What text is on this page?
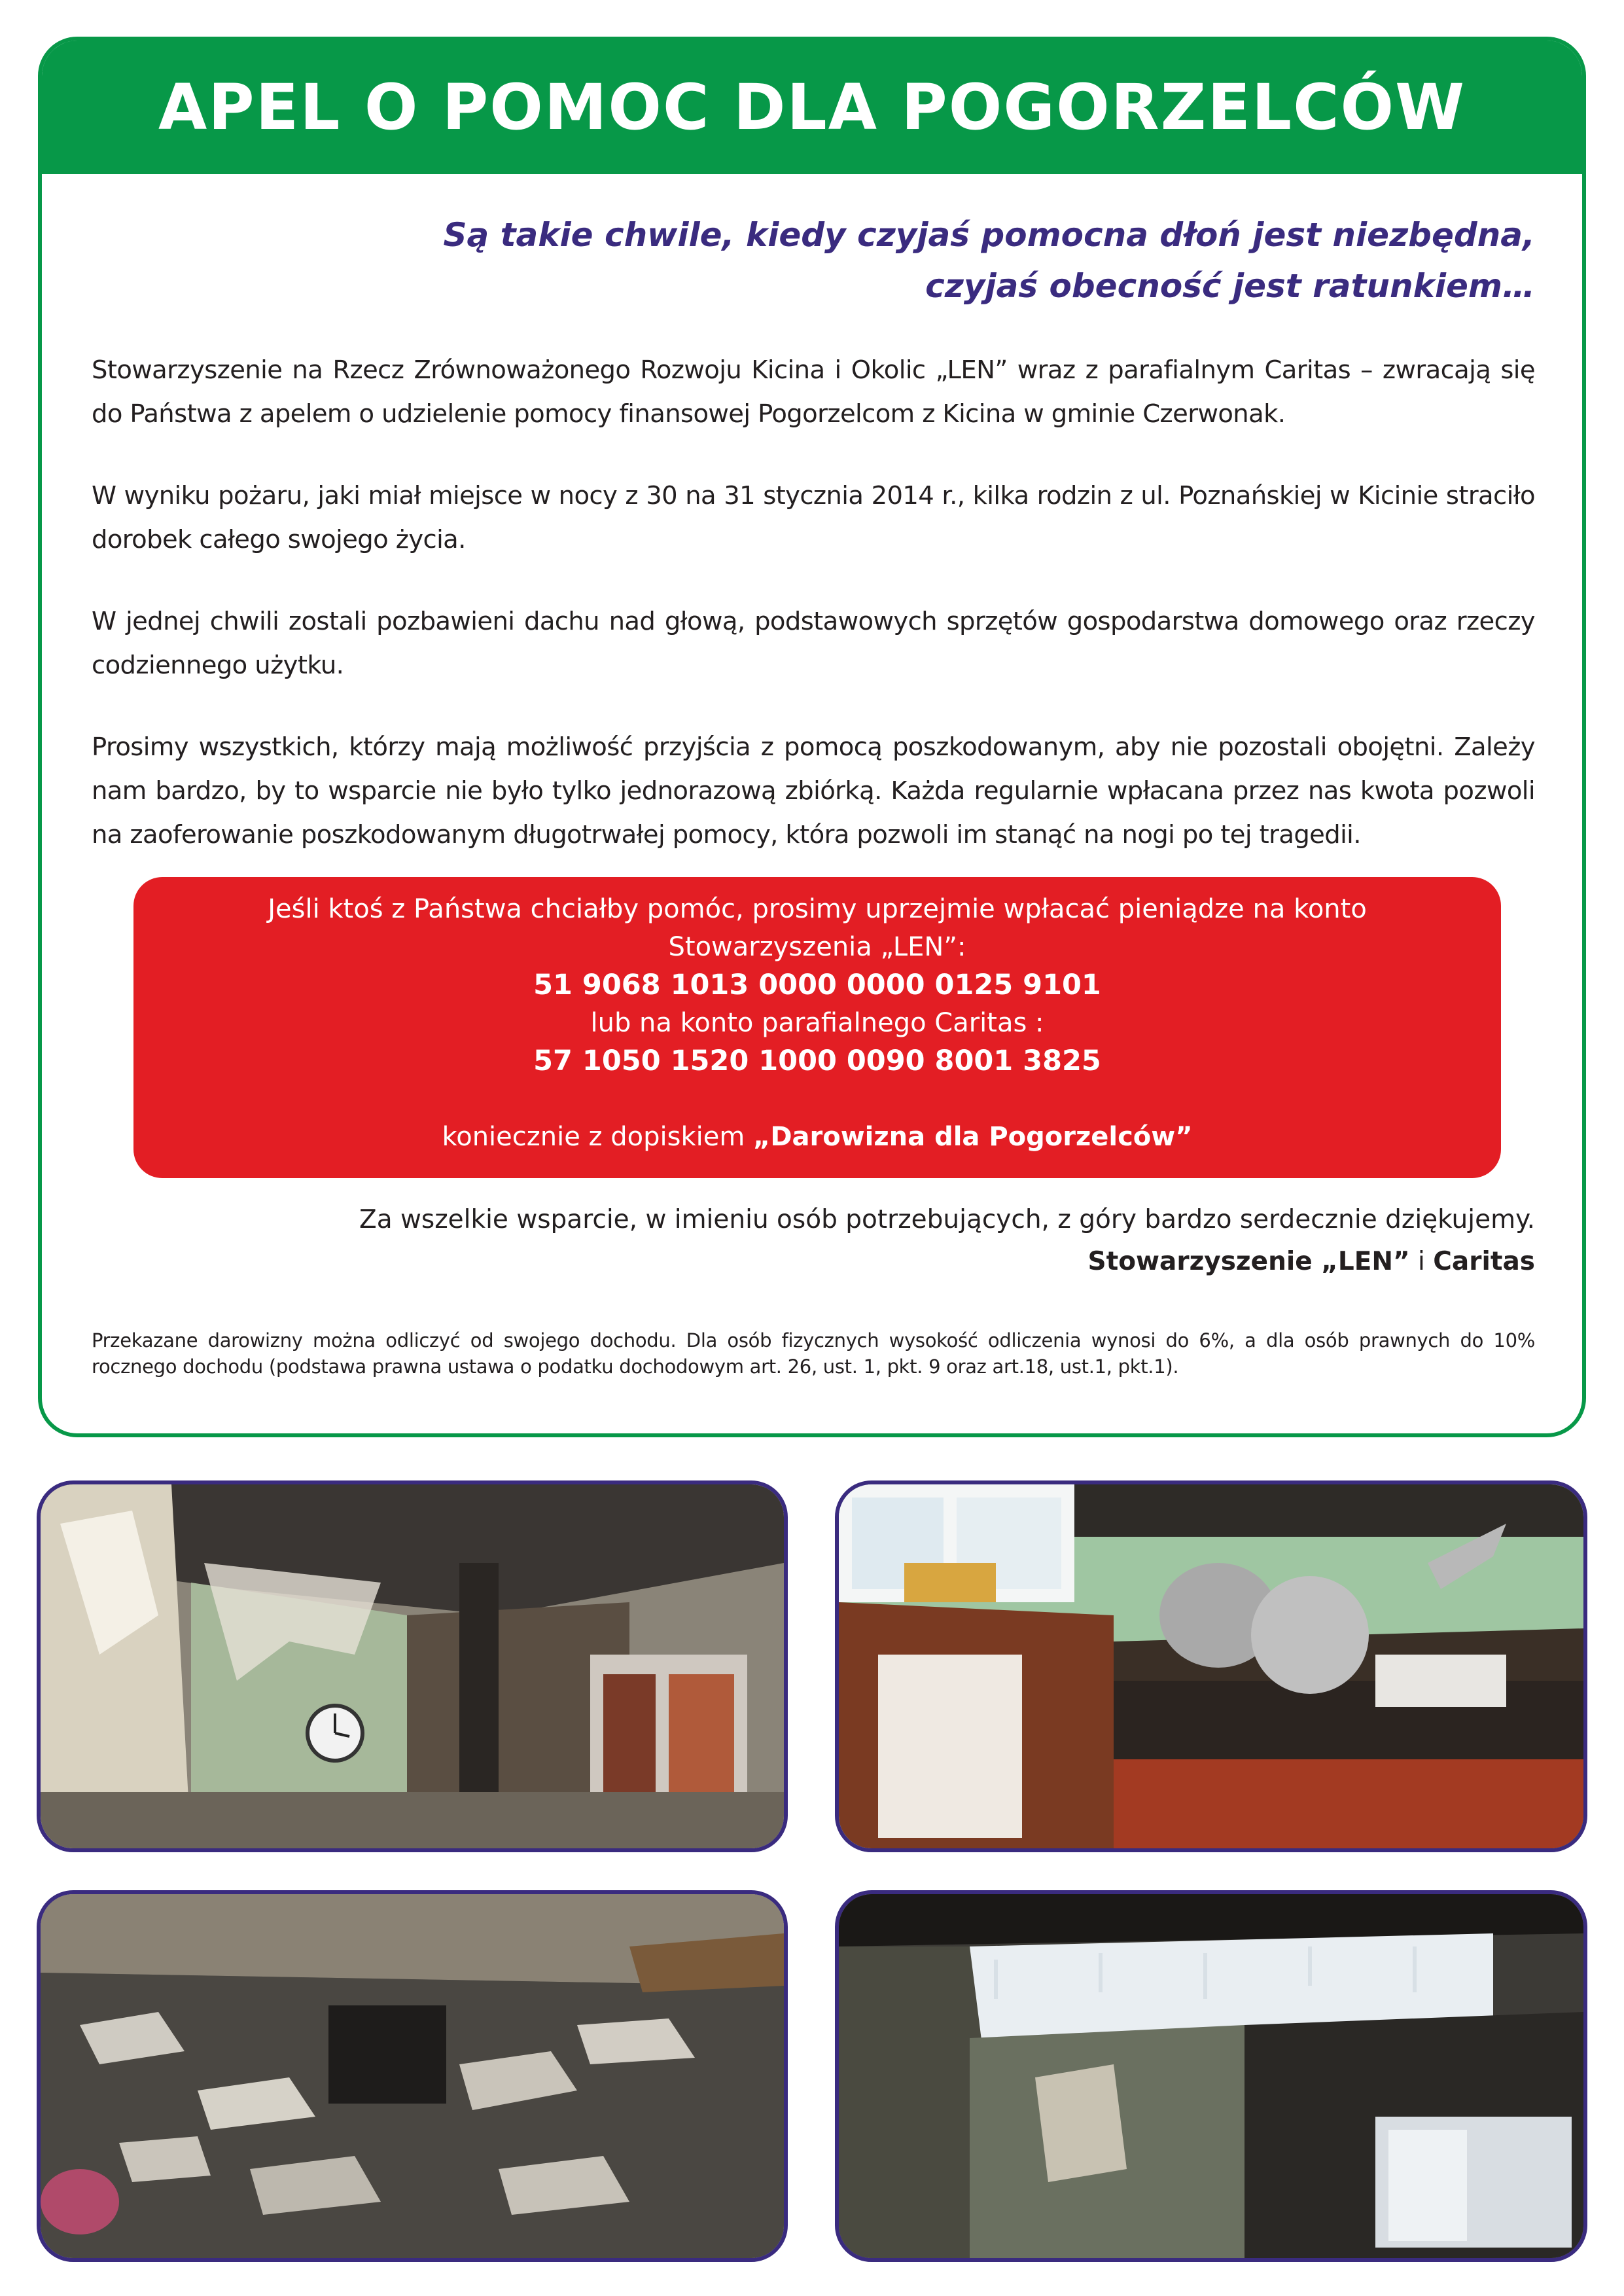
APEL O POMOC DLA POGORZELCÓW
Są takie chwile, kiedy czyjaś pomocna dłoń jest niezbędna,
czyjaś obecność jest ratunkiem…

Stowarzyszenie na Rzecz Zrównoważonego Rozwoju Kicina i Okolic „LEN” wraz z parafialnym Caritas – zwracają się do Państwa z apelem o udzielenie pomocy finansowej Pogorzelcom z Kicina w gminie Czerwonak.

W wyniku pożaru, jaki miał miejsce w nocy z 30 na 31 stycznia 2014 r., kilka rodzin z ul. Poznańskiej w Kicinie straciło dorobek całego swojego życia.

W jednej chwili zostali pozbawieni dachu nad głową, podstawowych sprzętów gospodarstwa domowego oraz rzeczy codziennego użytku.

Prosimy wszystkich, którzy mają możliwość przyjścia z pomocą poszkodowanym, aby nie pozostali obojętni. Zależy nam bardzo, by to wsparcie nie było tylko jednorazową zbiórką. Każda regularnie wpłacana przez nas kwota pozwoli na zaoferowanie poszkodowanym długotrwałej pomocy, która pozwoli im stanąć na nogi po tej tragedii.

Jeśli ktoś z Państwa chciałby pomóc, prosimy uprzejmie wpłacać pieniądze na konto
Stowarzyszenia „LEN”:
51 9068 1013 0000 0000 0125 9101
lub na konto parafialnego Caritas :
57 1050 1520 1000 0090 8001 3825
koniecznie z dopiskiem „Darowizna dla Pogorzelców”
Za wszelkie wsparcie, w imieniu osób potrzebujących, z góry bardzo serdecznie dziękujemy.
Stowarzyszenie „LEN” i Caritas
Przekazane darowizny można odliczyć od swojego dochodu. Dla osób fizycznych wysokość odliczenia wynosi do 6%, a dla osób prawnych do 10% rocznego dochodu (podstawa prawna ustawa o podatku dochodowym art. 26, ust. 1, pkt. 9 oraz art.18, ust.1, pkt.1).
